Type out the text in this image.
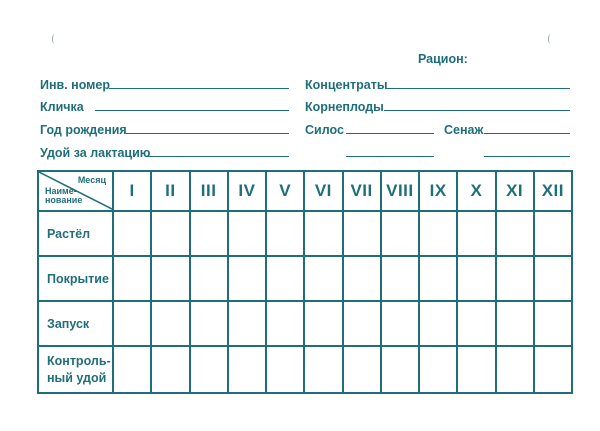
Рацион:
Инв. номер
Кличка
Год рождения
Удой за лактацию
Концентраты
Корнеплоды
Силос	Сенаж
Месяц
Наиме-
нование	I	II	III	IV	V	VI	VII	VIII	IX	X	XI	XII
Растёл												
Покрытие												
Запуск												
Контроль-
ный удой												
